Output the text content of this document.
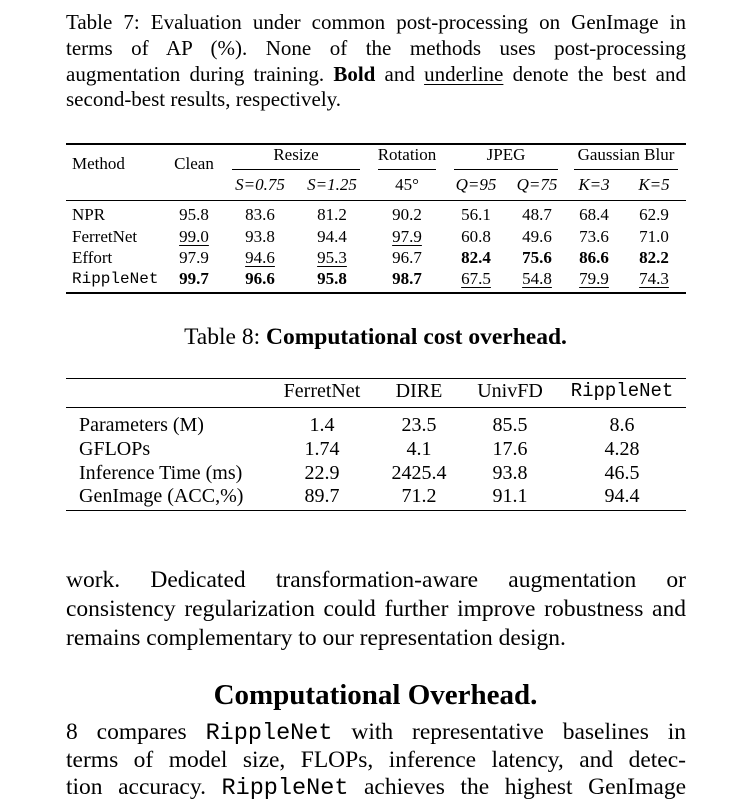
Table 7: Evaluation under common post-processing on GenImage in terms of AP (%). None of the methods uses post-processing augmentation during training. Bold and underline denote the best and second-best results, respectively.
Method	Clean	Resize	Rotation	JPEG	Gaussian Blur
S=0.75 S=1.25 45° Q=95 Q=75 K=3 K=5
NPR	95.8 83.6 81.2	90.2 56.1 48.7 68.4 62.9
FerretNet 99.0 93.8 94.4	97.9 60.8 49.6 73.6 71.0
Effort	97.9 94.6 95.3	96.7 82.4 75.6 86.6 82.2
RippleNet 99.7 96.6 95.8	98.7 67.5 54.8 79.9 74.3
Table 8: Computational cost overhead.
FerretNet DIRE UnivFD RippleNet
Parameters (M)	1.4	23.5	85.5	8.6
GFLOPs	1.74	4.1	17.6	4.28
Inference Time (ms)	22.9	2425.4 93.8	46.5
GenImage (ACC,%)	89.7	71.2	91.1	94.4
work. Dedicated transformation-aware augmentation or consistency regularization could further improve robustness and remains complementary to our representation design.
Computational Overhead.
8 compares RippleNet with representative baselines in
terms of model size, FLOPs, inference latency, and detec-
tion accuracy. RippleNet achieves the highest GenImage
